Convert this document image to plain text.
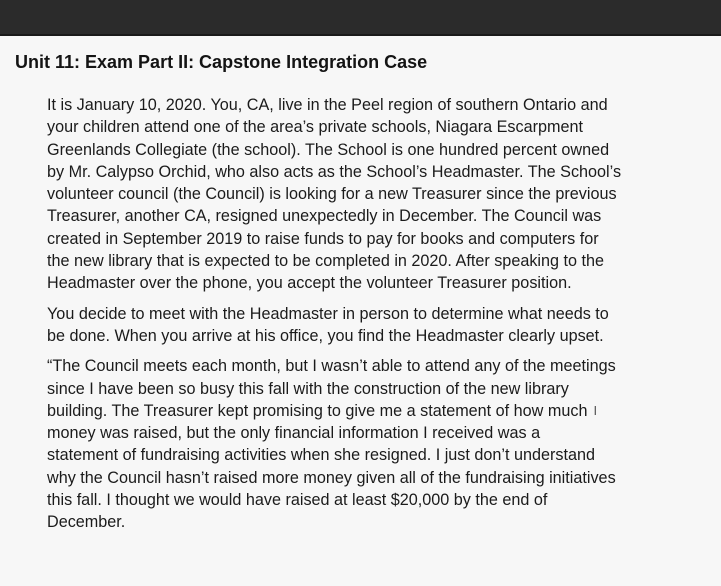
Unit 11: Exam Part II: Capstone Integration Case

It is January 10, 2020. You, CA, live in the Peel region of southern Ontario and
your children attend one of the area’s private schools, Niagara Escarpment
Greenlands Collegiate (the school). The School is one hundred percent owned
by Mr. Calypso Orchid, who also acts as the School’s Headmaster. The School’s
volunteer council (the Council) is looking for a new Treasurer since the previous
Treasurer, another CA, resigned unexpectedly in December. The Council was
created in September 2019 to raise funds to pay for books and computers for
the new library that is expected to be completed in 2020. After speaking to the
Headmaster over the phone, you accept the volunteer Treasurer position.

You decide to meet with the Headmaster in person to determine what needs to
be done. When you arrive at his office, you find the Headmaster clearly upset.

“The Council meets each month, but I wasn’t able to attend any of the meetings
since I have been so busy this fall with the construction of the new library
building. The Treasurer kept promising to give me a statement of how much I
money was raised, but the only financial information I received was a
statement of fundraising activities when she resigned. I just don’t understand
why the Council hasn’t raised more money given all of the fundraising initiatives
this fall. I thought we would have raised at least $20,000 by the end of
December.
